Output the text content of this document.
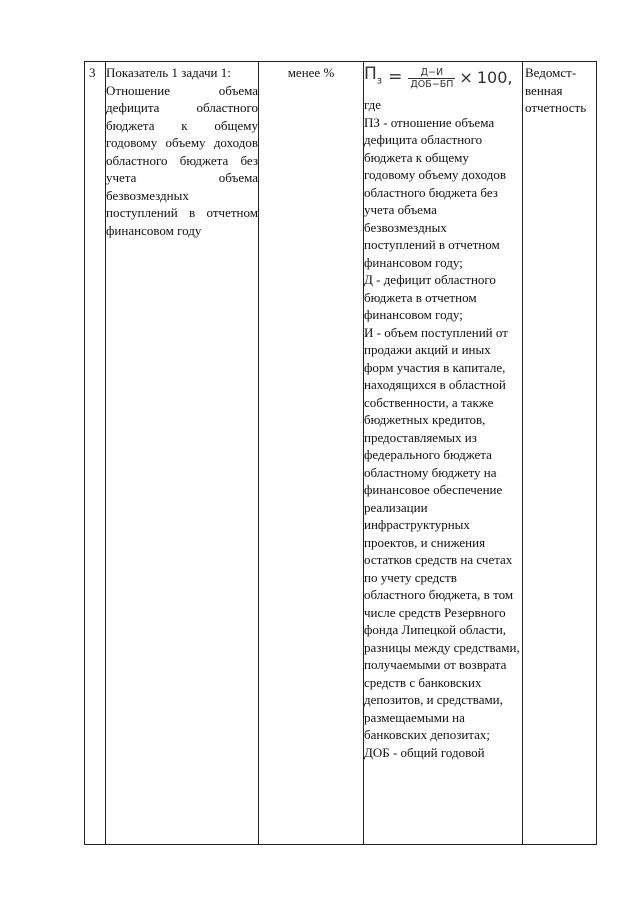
3 Показатель 1 задачи 1:
Отношение объема дефицита областного бюджета к общему годовому объему доходов областного бюджета без учета объема безвозмездных поступлений в отчетном финансовом году
менее %	$П_з = \frac{Д-И}{\text{ДОБ−БП}} \times 100$,
где
ПЗ - отношение объема дефицита областного бюджета к общему годовому объему доходов областного бюджета без учета объема безвозмездных поступлений в отчетном финансовом году;
Д - дефицит областного бюджета в отчетном финансовом году;
И - объем поступлений от продажи акций и иных форм участия в капитале, находящихся в областной собственности, а также бюджетных кредитов, предоставляемых из федерального бюджета областному бюджету на финансовое обеспечение реализации инфраструктурных проектов, и снижения остатков средств на счетах по учету средств областного бюджета, в том числе средств Резервного фонда Липецкой области, разницы между средствами, получаемыми от возврата средств с банковских депозитов, и средствами, размещаемыми на банковских депозитах;
ДОБ - общий годовой
Ведомст-венная отчетность
